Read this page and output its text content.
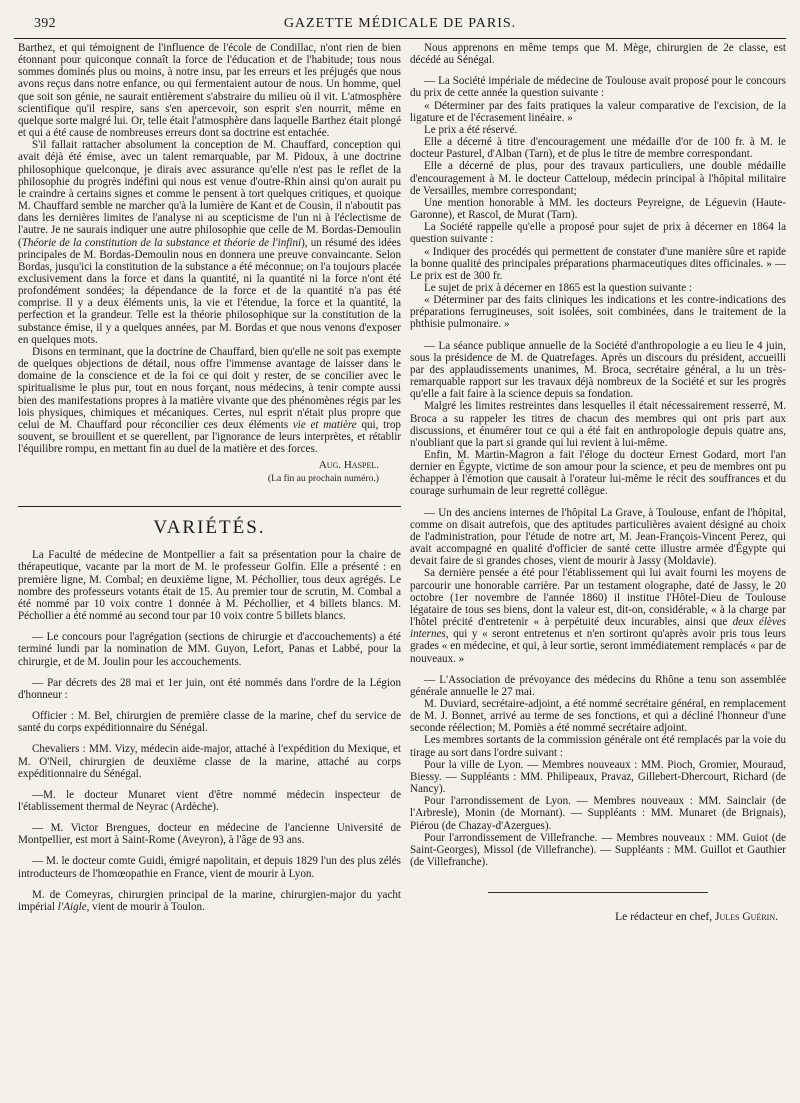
392	GAZETTE MÉDICALE DE PARIS.

Barthez, et qui témoignent de l'influence de l'école de Condillac, n'ont rien de bien étonnant pour quiconque connaît la force de l'éducation et de l'habitude; tous nous sommes dominés plus ou moins, à notre insu, par les erreurs et les préjugés que nous avons reçus dans notre enfance, ou qui fermentaient autour de nous. Un homme, quel que soit son génie, ne saurait entièrement s'abstraire du milieu où il vit. L'atmosphère scientifique qu'il respire, sans s'en apercevoir, son esprit s'en nourrit, même en quelque sorte malgré lui. Or, telle était l'atmosphère dans laquelle Barthez était plongé et qui a été cause de nombreuses erreurs dont sa doctrine est entachée.

S'il fallait rattacher absolument la conception de M. Chauffard, conception qui avait déjà été émise, avec un talent remarquable, par M. Pidoux, à une doctrine philosophique quelconque, je dirais avec assurance qu'elle n'est pas le reflet de la philosophie du progrès indéfini qui nous est venue d'outre-Rhin ainsi qu'on aurait pu le craindre à certains signes et comme le pensent à tort quelques critiques, et quoique M. Chauffard semble ne marcher qu'à la lumière de Kant et de Cousin, il n'aboutit pas dans les dernières limites de l'analyse ni au scepticisme de l'un ni à l'éclectisme de l'autre. Je ne saurais indiquer une autre philosophie que celle de M. Bordas-Demoulin (Théorie de la constitution de la substance et théorie de l'infini), un résumé des idées principales de M. Bordas-Demoulin nous en donnera une preuve convaincante. Selon Bordas, jusqu'ici la constitution de la substance a été méconnue; on l'a toujours placée exclusivement dans la force et dans la quantité, ni la quantité ni la force n'ont été profondément sondées; la dépendance de la force et de la quantité n'a pas été comprise. Il y a deux éléments unis, la vie et l'étendue, la force et la quantité, la perfection et la grandeur. Telle est la théorie philosophique sur la constitution de la substance émise, il y a quelques années, par M. Bordas et que nous venons d'exposer en quelques mots.

Disons en terminant, que la doctrine de Chauffard, bien qu'elle ne soit pas exempte de quelques objections de détail, nous offre l'immense avantage de laisser dans le domaine de la conscience et de la foi ce qui doit y rester, de se concilier avec le spiritualisme le plus pur, tout en nous forçant, nous médecins, à tenir compte aussi bien des manifestations propres à la matière vivante que des phénomènes régis par les lois physiques, chimiques et mécaniques. Certes, nul esprit n'était plus propre que celui de M. Chauffard pour réconcilier ces deux éléments vie et matière qui, trop souvent, se brouillent et se querellent, par l'ignorance de leurs interprètes, et rétablir l'équilibre rompu, en mettant fin au duel de la matière et des forces.

Aug. Haspel.
(La fin au prochain numéro.)
VARIÉTÉS.

La Faculté de médecine de Montpellier a fait sa présentation pour la chaire de thérapeutique, vacante par la mort de M. le professeur Golfin. Elle a présenté : en première ligne, M. Combal; en deuxième ligne, M. Péchollier, tous deux agrégés. Le nombre des professeurs votants était de 15. Au premier tour de scrutin, M. Combal a été nommé par 10 voix contre 1 donnée à M. Péchollier, et 4 billets blancs. M. Péchollier a été nommé au second tour par 10 voix contre 5 billets blancs.

— Le concours pour l'agrégation (sections de chirurgie et d'accouchements) a été terminé lundi par la nomination de MM. Guyon, Lefort, Panas et Labbé, pour la chirurgie, et de M. Joulin pour les accouchements.

— Par décrets des 28 mai et 1er juin, ont été nommés dans l'ordre de la Légion d'honneur :

Officier : M. Bel, chirurgien de première classe de la marine, chef du service de santé du corps expéditionnaire du Sénégal.

Chevaliers : MM. Vizy, médecin aide-major, attaché à l'expédition du Mexique, et M. O'Neil, chirurgien de deuxième classe de la marine, attaché au corps expéditionnaire du Sénégal.

—M. le docteur Munaret vient d'être nommé médecin inspecteur de l'établissement thermal de Neyrac (Ardèche).

— M. Victor Brengues, docteur en médecine de l'ancienne Université de Montpellier, est mort à Saint-Rome (Aveyron), à l'âge de 93 ans.

— M. le docteur comte Guidi, émigré napolitain, et depuis 1829 l'un des plus zélés introducteurs de l'homœopathie en France, vient de mourir à Lyon.

M. de Comeyras, chirurgien principal de la marine, chirurgien-major du yacht impérial l'Aigle, vient de mourir à Toulon.

Nous apprenons en même temps que M. Mège, chirurgien de 2e classe, est décédé au Sénégal.

— La Société impériale de médecine de Toulouse avait proposé pour le concours du prix de cette année la question suivante :

« Déterminer par des faits pratiques la valeur comparative de l'excision, de la ligature et de l'écrasement linéaire. »

Le prix a été réservé.

Elle a décerné à titre d'encouragement une médaille d'or de 100 fr. à M. le docteur Pasturel, d'Alban (Tarn), et de plus le titre de membre correspondant.

Elle a décerné de plus, pour des travaux particuliers, une double médaille d'encouragement à M. le docteur Catteloup, médecin principal à l'hôpital militaire de Versailles, membre correspondant;

Une mention honorable à MM. les docteurs Peyreigne, de Léguevin (Haute-Garonne), et Rascol, de Murat (Tarn).

La Société rappelle qu'elle a proposé pour sujet de prix à décerner en 1864 la question suivante :

« Indiquer des procédés qui permettent de constater d'une manière sûre et rapide la bonne qualité des principales préparations pharmaceutiques dites officinales. » — Le prix est de 300 fr.

Le sujet de prix à décerner en 1865 est la question suivante :

« Déterminer par des faits cliniques les indications et les contre-indications des préparations ferrugineuses, soit isolées, soit combinées, dans le traitement de la phthisie pulmonaire. »

— La séance publique annuelle de la Société d'anthropologie a eu lieu le 4 juin, sous la présidence de M. de Quatrefages. Après un discours du président, accueilli par des applaudissements unanimes, M. Broca, secrétaire général, a lu un très-remarquable rapport sur les travaux déjà nombreux de la Société et sur les progrès qu'elle a fait faire à la science depuis sa fondation.

Malgré les limites restreintes dans lesquelles il était nécessairement resserré, M. Broca a su rappeler les titres de chacun des membres qui ont pris part aux discussions, et énumérer tout ce qui a été fait en anthropologie depuis quatre ans, n'oubliant que la part si grande qui lui revient à lui-même.

Enfin, M. Martin-Magron a fait l'éloge du docteur Ernest Godard, mort l'an dernier en Égypte, victime de son amour pour la science, et peu de membres ont pu échapper à l'émotion que causait à l'orateur lui-même le récit des souffrances et du courage surhumain de leur regretté collègue.

— Un des anciens internes de l'hôpital La Grave, à Toulouse, enfant de l'hôpital, comme on disait autrefois, que des aptitudes particulières avaient désigné au choix de l'administration, pour l'étude de notre art, M. Jean-François-Vincent Perez, qui avait accompagné en qualité d'officier de santé cette illustre armée d'Égypte qui devait faire de si grandes choses, vient de mourir à Jassy (Moldavie).

Sa dernière pensée a été pour l'établissement qui lui avait fourni les moyens de parcourir une honorable carrière. Par un testament olographe, daté de Jassy, le 20 octobre (1er novembre de l'année 1860) il institue l'Hôtel-Dieu de Toulouse légataire de tous ses biens, dont la valeur est, dit-on, considérable, « à la charge par l'hôtel précité d'entretenir « à perpétuité deux incurables, ainsi que deux élèves internes, qui y « seront entretenus et n'en sortiront qu'après avoir pris tous leurs grades « en médecine, et qui, à leur sortie, seront immédiatement remplacés « par de nouveaux. »

— L'Association de prévoyance des médecins du Rhône a tenu son assemblée générale annuelle le 27 mai.

M. Duviard, secrétaire-adjoint, a été nommé secrétaire général, en remplacement de M. J. Bonnet, arrivé au terme de ses fonctions, et qui a décliné l'honneur d'une seconde réélection; M. Pomiès a été nommé secrétaire adjoint.

Les membres sortants de la commission générale ont été remplacés par la voie du tirage au sort dans l'ordre suivant :

Pour la ville de Lyon. — Membres nouveaux : MM. Pioch, Gromier, Mouraud, Biessy. — Suppléants : MM. Philipeaux, Pravaz, Gillebert-Dhercourt, Richard (de Nancy).

Pour l'arrondissement de Lyon. — Membres nouveaux : MM. Sainclair (de l'Arbresle), Monin (de Mornant). — Suppléants : MM. Munaret (de Brignais), Piérou (de Chazay-d'Azergues).

Pour l'arrondissement de Villefranche. — Membres nouveaux : MM. Guiot (de Saint-Georges), Missol (de Villefranche). — Suppléants : MM. Guillot et Gauthier (de Villefranche).

Le rédacteur en chef, Jules Guérin.
